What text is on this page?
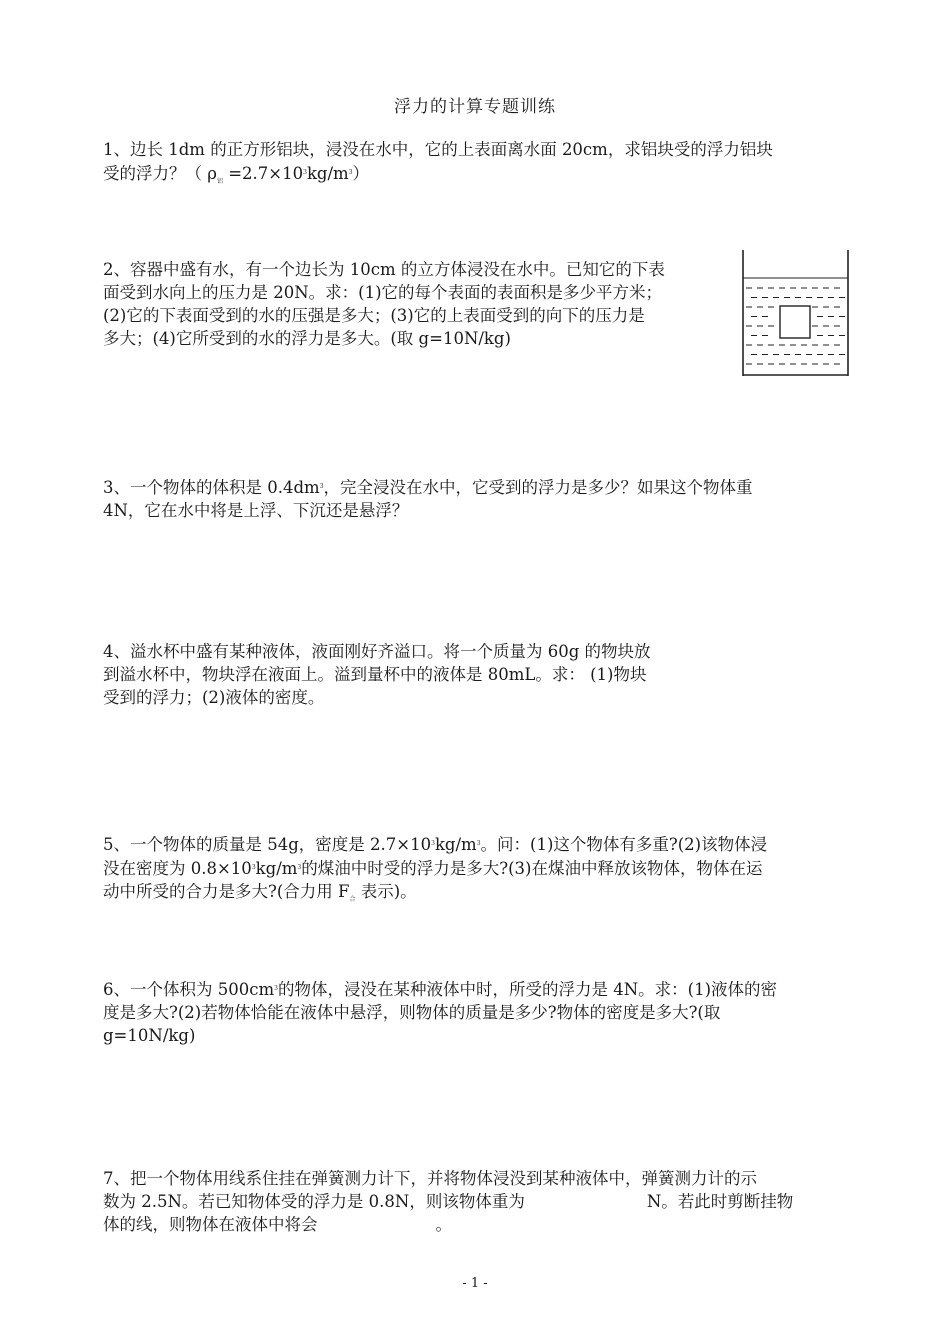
浮力的计算专题训练
1、边长 1dm 的正方形铝块，浸没在水中，它的上表面离水面 20cm，求铝块受的浮力铝块
受的浮力？（ $\rho_铝 =2.7\times 10^3kg/m^3$）
2、容器中盛有水，有一个边长为 10cm 的立方体浸没在水中。已知它的下表
面受到水向上的压力是 20N。求：(1)它的每个表面的表面积是多少平方米；
(2)它的下表面受到的水的压强是多大；(3)它的上表面受到的向下的压力是
多大；(4)它所受到的水的浮力是多大。(取 g=10N/kg)
3、一个物体的体积是 $0.4dm^3$，完全浸没在水中，它受到的浮力是多少？如果这个物体重
4N，它在水中将是上浮、下沉还是悬浮？
4、溢水杯中盛有某种液体，液面刚好齐溢口。将一个质量为 60g 的物块放
到溢水杯中，物块浮在液面上。溢到量杯中的液体是 80mL。求： (1)物块
受到的浮力；(2)液体的密度。
5、一个物体的质量是 54g，密度是 $2.7\times 10^3kg/m^3$。问：(1)这个物体有多重?(2)该物体浸
没在密度为 $0.8\times 10^3kg/m^3$的煤油中时受的浮力是多大?(3)在煤油中释放该物体，物体在运
动中所受的合力是多大?(合力用 $F_合$ 表示)。
6、一个体积为 $500cm^3$的物体，浸没在某种液体中时，所受的浮力是 4N。求：(1)液体的密
度是多大?(2)若物体恰能在液体中悬浮，则物体的质量是多少?物体的密度是多大?(取
g=10N/kg)
7、把一个物体用线系住挂在弹簧测力计下，并将物体浸没到某种液体中，弹簧测力计的示
数为 2.5N。若已知物体受的浮力是 0.8N，则该物体重为	N。若此时剪断挂物
体的线，则物体在液体中将会	。
- 1 -
